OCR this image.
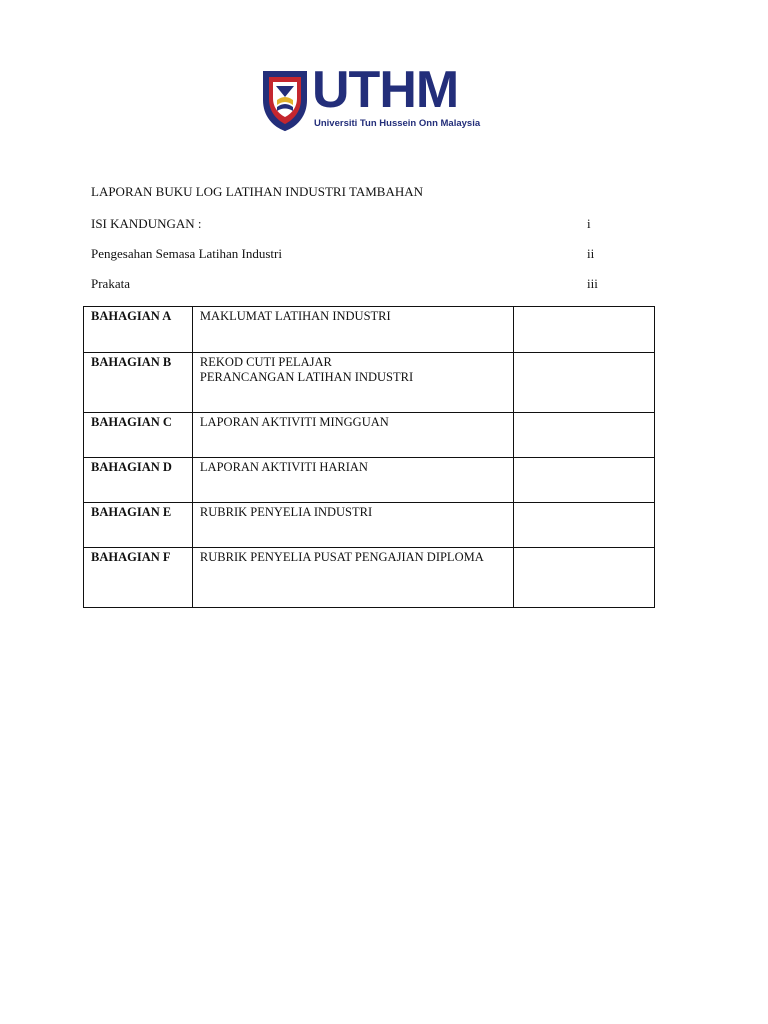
UTHM
Universiti Tun Hussein Onn Malaysia
LAPORAN BUKU LOG LATIHAN INDUSTRI TAMBAHAN
ISI KANDUNGAN :	i
Pengesahan Semasa Latihan Industri	ii
Prakata	iii
BAHAGIAN A	MAKLUMAT LATIHAN INDUSTRI	

BAHAGIAN B	REKOD CUTI PELAJAR
PERANCANGAN LATIHAN INDUSTRI	

BAHAGIAN C	LAPORAN AKTIVITI MINGGUAN	

BAHAGIAN D	LAPORAN AKTIVITI HARIAN	

BAHAGIAN E	RUBRIK PENYELIA INDUSTRI	

BAHAGIAN F	RUBRIK PENYELIA PUSAT PENGAJIAN DIPLOMA	
